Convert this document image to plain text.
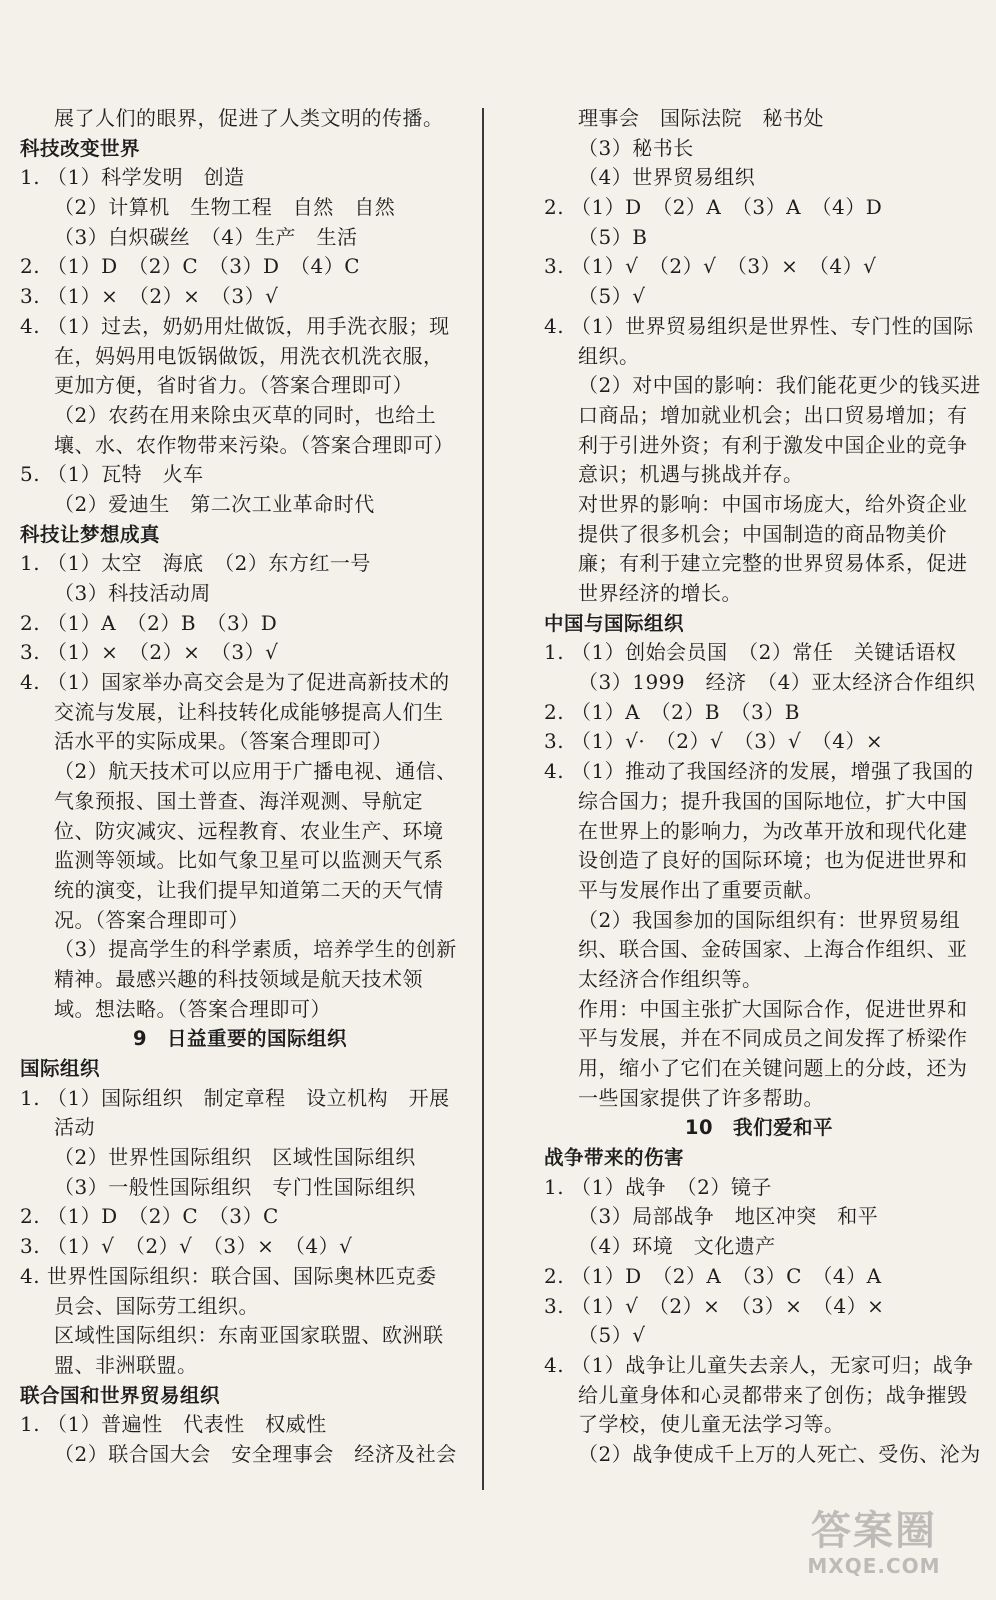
展了人们的眼界，促进了人类文明的传播。
科技改变世界
1. （1）科学发明　创造
（2）计算机　生物工程　自然　自然
（3）白炽碳丝　（4）生产　生活
2. （1）D　（2）C　（3）D　（4）C
3. （1）×　（2）×　（3）√
4. （1）过去，奶奶用灶做饭，用手洗衣服；现
在，妈妈用电饭锅做饭，用洗衣机洗衣服，
更加方便，省时省力。（答案合理即可）
（2）农药在用来除虫灭草的同时，也给土
壤、水、农作物带来污染。（答案合理即可）
5. （1）瓦特　火车
（2）爱迪生　第二次工业革命时代
科技让梦想成真
1. （1）太空　海底　（2）东方红一号
（3）科技活动周
2. （1）A　（2）B　（3）D
3. （1）×　（2）×　（3）√
4. （1）国家举办高交会是为了促进高新技术的
交流与发展，让科技转化成能够提高人们生
活水平的实际成果。（答案合理即可）
（2）航天技术可以应用于广播电视、通信、
气象预报、国土普查、海洋观测、导航定
位、防灾减灾、远程教育、农业生产、环境
监测等领域。比如气象卫星可以监测天气系
统的演变，让我们提早知道第二天的天气情
况。（答案合理即可）
（3）提高学生的科学素质，培养学生的创新
精神。最感兴趣的科技领域是航天技术领
域。想法略。（答案合理即可）
9　日益重要的国际组织
国际组织
1. （1）国际组织　制定章程　设立机构　开展
活动
（2）世界性国际组织　区域性国际组织
（3）一般性国际组织　专门性国际组织
2. （1）D　（2）C　（3）C
3. （1）√　（2）√　（3）×　（4）√
4. 世界性国际组织：联合国、国际奥林匹克委
员会、国际劳工组织。
区域性国际组织：东南亚国家联盟、欧洲联
盟、非洲联盟。
联合国和世界贸易组织
1. （1）普遍性　代表性　权威性
（2）联合国大会　安全理事会　经济及社会
理事会　国际法院　秘书处
（3）秘书长
（4）世界贸易组织
2. （1）D　（2）A　（3）A　（4）D
（5）B
3. （1）√　（2）√　（3）×　（4）√
（5）√
4. （1）世界贸易组织是世界性、专门性的国际
组织。
（2）对中国的影响：我们能花更少的钱买进
口商品；增加就业机会；出口贸易增加；有
利于引进外资；有利于激发中国企业的竞争
意识；机遇与挑战并存。
对世界的影响：中国市场庞大，给外资企业
提供了很多机会；中国制造的商品物美价
廉；有利于建立完整的世界贸易体系，促进
世界经济的增长。
中国与国际组织
1. （1）创始会员国　（2）常任　关键话语权
（3）1999　经济　（4）亚太经济合作组织
2. （1）A　（2）B　（3）B
3. （1）√·　（2）√　（3）√　（4）×
4. （1）推动了我国经济的发展，增强了我国的
综合国力；提升我国的国际地位，扩大中国
在世界上的影响力，为改革开放和现代化建
设创造了良好的国际环境；也为促进世界和
平与发展作出了重要贡献。
（2）我国参加的国际组织有：世界贸易组
织、联合国、金砖国家、上海合作组织、亚
太经济合作组织等。
作用：中国主张扩大国际合作，促进世界和
平与发展，并在不同成员之间发挥了桥梁作
用，缩小了它们在关键问题上的分歧，还为
一些国家提供了许多帮助。
10　我们爱和平
战争带来的伤害
1. （1）战争　（2）镜子
（3）局部战争　地区冲突　和平
（4）环境　文化遗产
2. （1）D　（2）A　（3）C　（4）A
3. （1）√　（2）×　（3）×　（4）×
（5）√
4. （1）战争让儿童失去亲人，无家可归；战争
给儿童身体和心灵都带来了创伤；战争摧毁
了学校，使儿童无法学习等。
（2）战争使成千上万的人死亡、受伤、沦为
答案圈
MXQE.COM
